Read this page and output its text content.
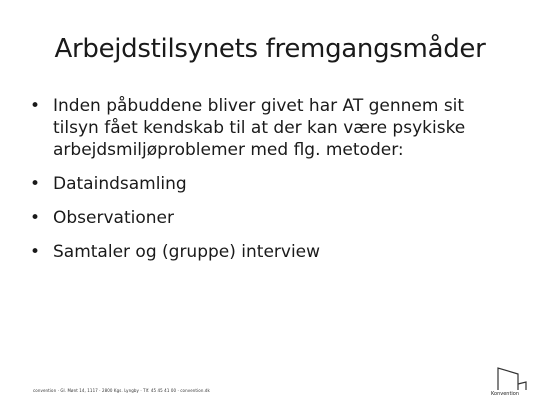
Arbejdstilsynets fremgangsmåder
• Inden påbuddene bliver givet har AT gennem sit tilsyn fået kendskab til at der kan være psykiske arbejdsmiljøproblemer med flg. metoder:
• Dataindsamling
• Observationer
• Samtaler og (gruppe) interview
convention · Gl. Mønt 14, 1117 · 2800 Kgs. Lyngby · Tlf. 45 45 41 00 · convention.dk
Konvention
